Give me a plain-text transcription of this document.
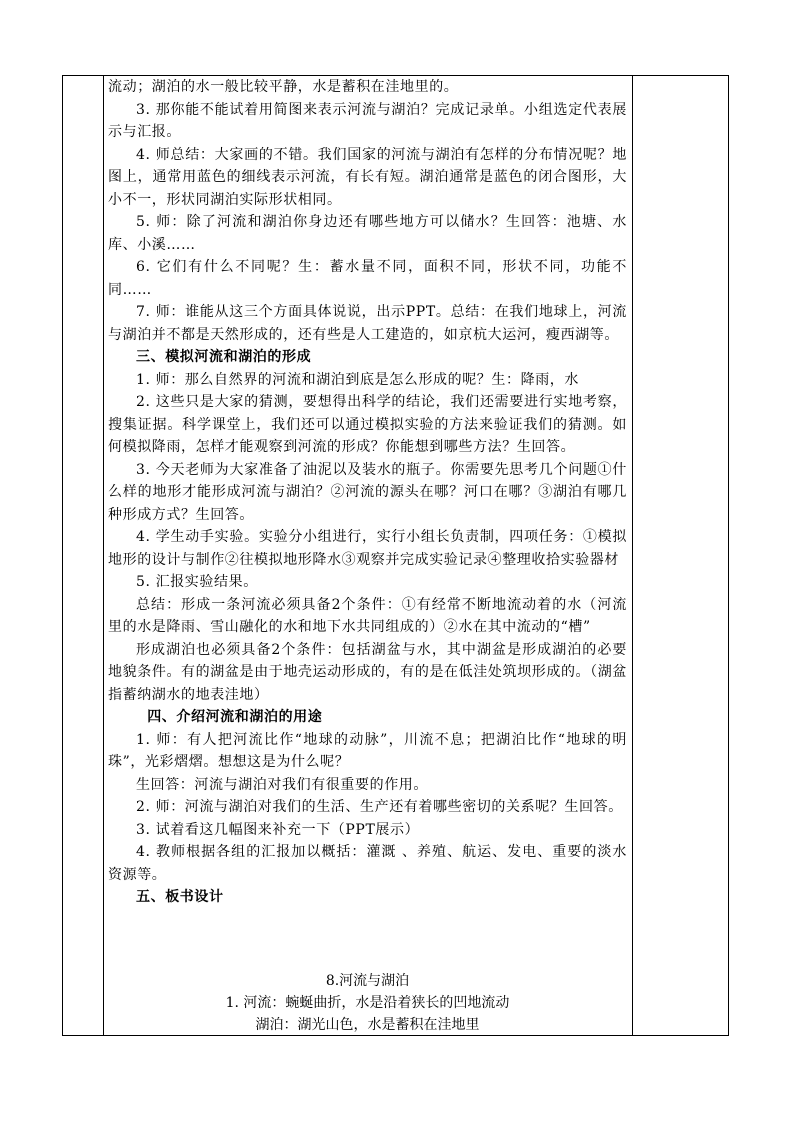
流动；湖泊的水一般比较平静，水是蓄积在洼地里的。

3. 那你能不能试着用简图来表示河流与湖泊？完成记录单。小组选定代表展示与汇报。

4. 师总结：大家画的不错。我们国家的河流与湖泊有怎样的分布情况呢？地图上，通常用蓝色的细线表示河流，有长有短。湖泊通常是蓝色的闭合图形，大小不一，形状同湖泊实际形状相同。

5. 师：除了河流和湖泊你身边还有哪些地方可以储水？生回答：池塘、水库、小溪……

6. 它们有什么不同呢？生：蓄水量不同，面积不同，形状不同，功能不同……

7. 师：谁能从这三个方面具体说说，出示PPT。总结：在我们地球上，河流与湖泊并不都是天然形成的，还有些是人工建造的，如京杭大运河，瘦西湖等。

三、模拟河流和湖泊的形成

1. 师：那么自然界的河流和湖泊到底是怎么形成的呢？生：降雨，水

2. 这些只是大家的猜测，要想得出科学的结论，我们还需要进行实地考察，搜集证据。科学课堂上，我们还可以通过模拟实验的方法来验证我们的猜测。如何模拟降雨，怎样才能观察到河流的形成？你能想到哪些方法？生回答。

3. 今天老师为大家准备了油泥以及装水的瓶子。你需要先思考几个问题①什么样的地形才能形成河流与湖泊？②河流的源头在哪？河口在哪？③湖泊有哪几种形成方式？生回答。

4. 学生动手实验。实验分小组进行，实行小组长负责制，四项任务：①模拟地形的设计与制作②往模拟地形降水③观察并完成实验记录④整理收拾实验器材

5. 汇报实验结果。

总结：形成一条河流必须具备2个条件：①有经常不断地流动着的水（河流里的水是降雨、雪山融化的水和地下水共同组成的）②水在其中流动的“槽”

形成湖泊也必须具备2个条件：包括湖盆与水，其中湖盆是形成湖泊的必要地貌条件。有的湖盆是由于地壳运动形成的，有的是在低洼处筑坝形成的。（湖盆指蓄纳湖水的地表洼地）

四、介绍河流和湖泊的用途

1. 师：有人把河流比作“地球的动脉”，川流不息；把湖泊比作“地球的明珠”，光彩熠熠。想想这是为什么呢？

生回答：河流与湖泊对我们有很重要的作用。

2. 师：河流与湖泊对我们的生活、生产还有着哪些密切的关系呢？生回答。

3. 试着看这几幅图来补充一下（PPT展示）

4. 教师根据各组的汇报加以概括：灌溉 、养殖、航运、发电、重要的淡水资源等。

五、板书设计

8.河流与湖泊
1. 河流：蜿蜒曲折，水是沿着狭长的凹地流动
湖泊：湖光山色，水是蓄积在洼地里
